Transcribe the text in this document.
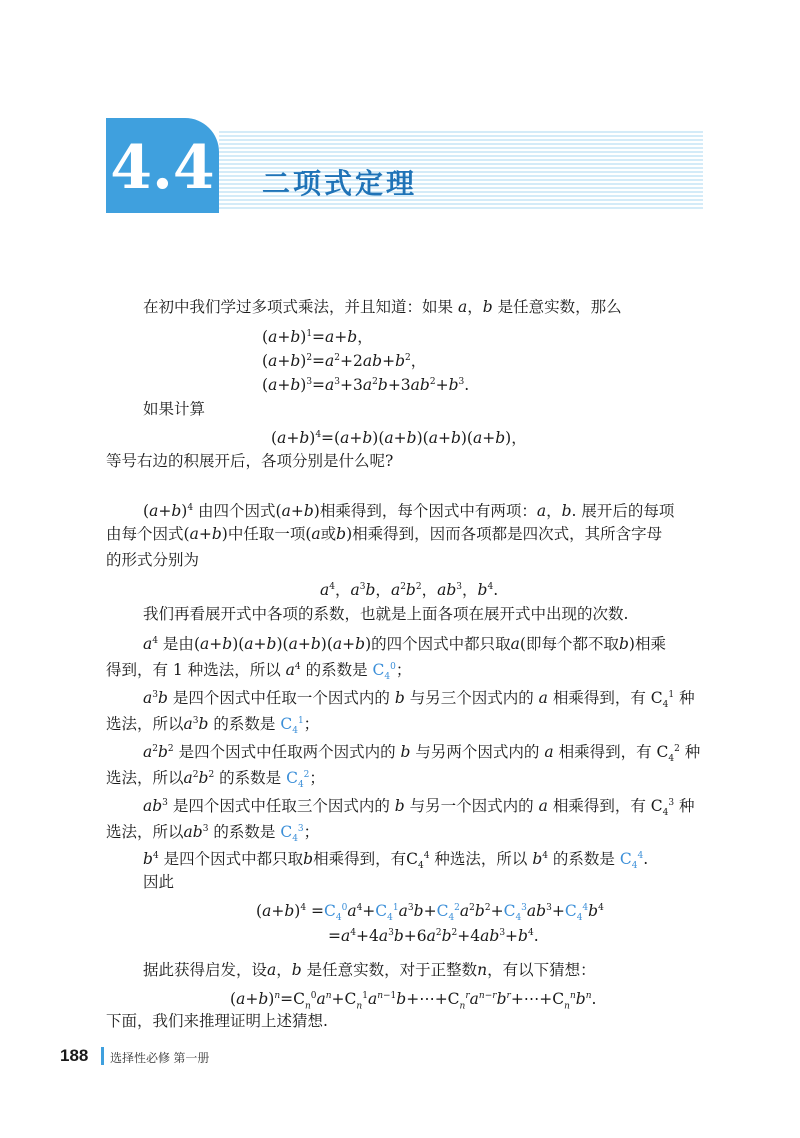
4.4 二项式定理
在初中我们学过多项式乘法，并且知道：如果 a，b 是任意实数，那么
$(a+b)^1=a+b$，
$(a+b)^2=a^2+2ab+b^2$，
$(a+b)^3=a^3+3a^2b+3ab^2+b^3$.
如果计算
$(a+b)^4=(a+b)(a+b)(a+b)(a+b)$，
等号右边的积展开后，各项分别是什么呢?
$(a+b)^4$ 由四个因式(a+b)相乘得到，每个因式中有两项：a，b. 展开后的每项
由每个因式(a+b)中任取一项(a或b)相乘得到，因而各项都是四次式，其所含字母
的形式分别为
$a^4$，$a^3b$，$a^2b^2$，$ab^3$，$b^4$.
我们再看展开式中各项的系数，也就是上面各项在展开式中出现的次数.
$a^4$ 是由(a+b)(a+b)(a+b)(a+b)的四个因式中都只取a(即每个都不取b)相乘
得到，有 1 种选法，所以 $a^4$ 的系数是 $C_4^0$；
$a^3b$ 是四个因式中任取一个因式内的 b 与另三个因式内的 a 相乘得到，有 $C_4^1$ 种
选法，所以$a^3b$ 的系数是 $C_4^1$；
$a^2b^2$ 是四个因式中任取两个因式内的 b 与另两个因式内的 a 相乘得到，有 $C_4^2$ 种
选法，所以$a^2b^2$ 的系数是 $C_4^2$；
$ab^3$ 是四个因式中任取三个因式内的 b 与另一个因式内的 a 相乘得到，有 $C_4^3$ 种
选法，所以$ab^3$ 的系数是 $C_4^3$；
$b^4$ 是四个因式中都只取b相乘得到，有$C_4^4$ 种选法，所以 $b^4$ 的系数是 $C_4^4$.
因此
$(a+b)^4 =C_4^0a^4+C_4^1a^3b+C_4^2a^2b^2+C_4^3ab^3+C_4^4b^4$
$=a^4+4a^3b+6a^2b^2+4ab^3+b^4$.
据此获得启发，设a，b 是任意实数，对于正整数n，有以下猜想：
$(a+b)^n=C_n^0a^n+C_n^1a^{n-1}b+\cdots+C_n^ra^{n-r}b^r+\cdots+C_n^nb^n$.
下面，我们来推理证明上述猜想.
188 选择性必修 第一册
